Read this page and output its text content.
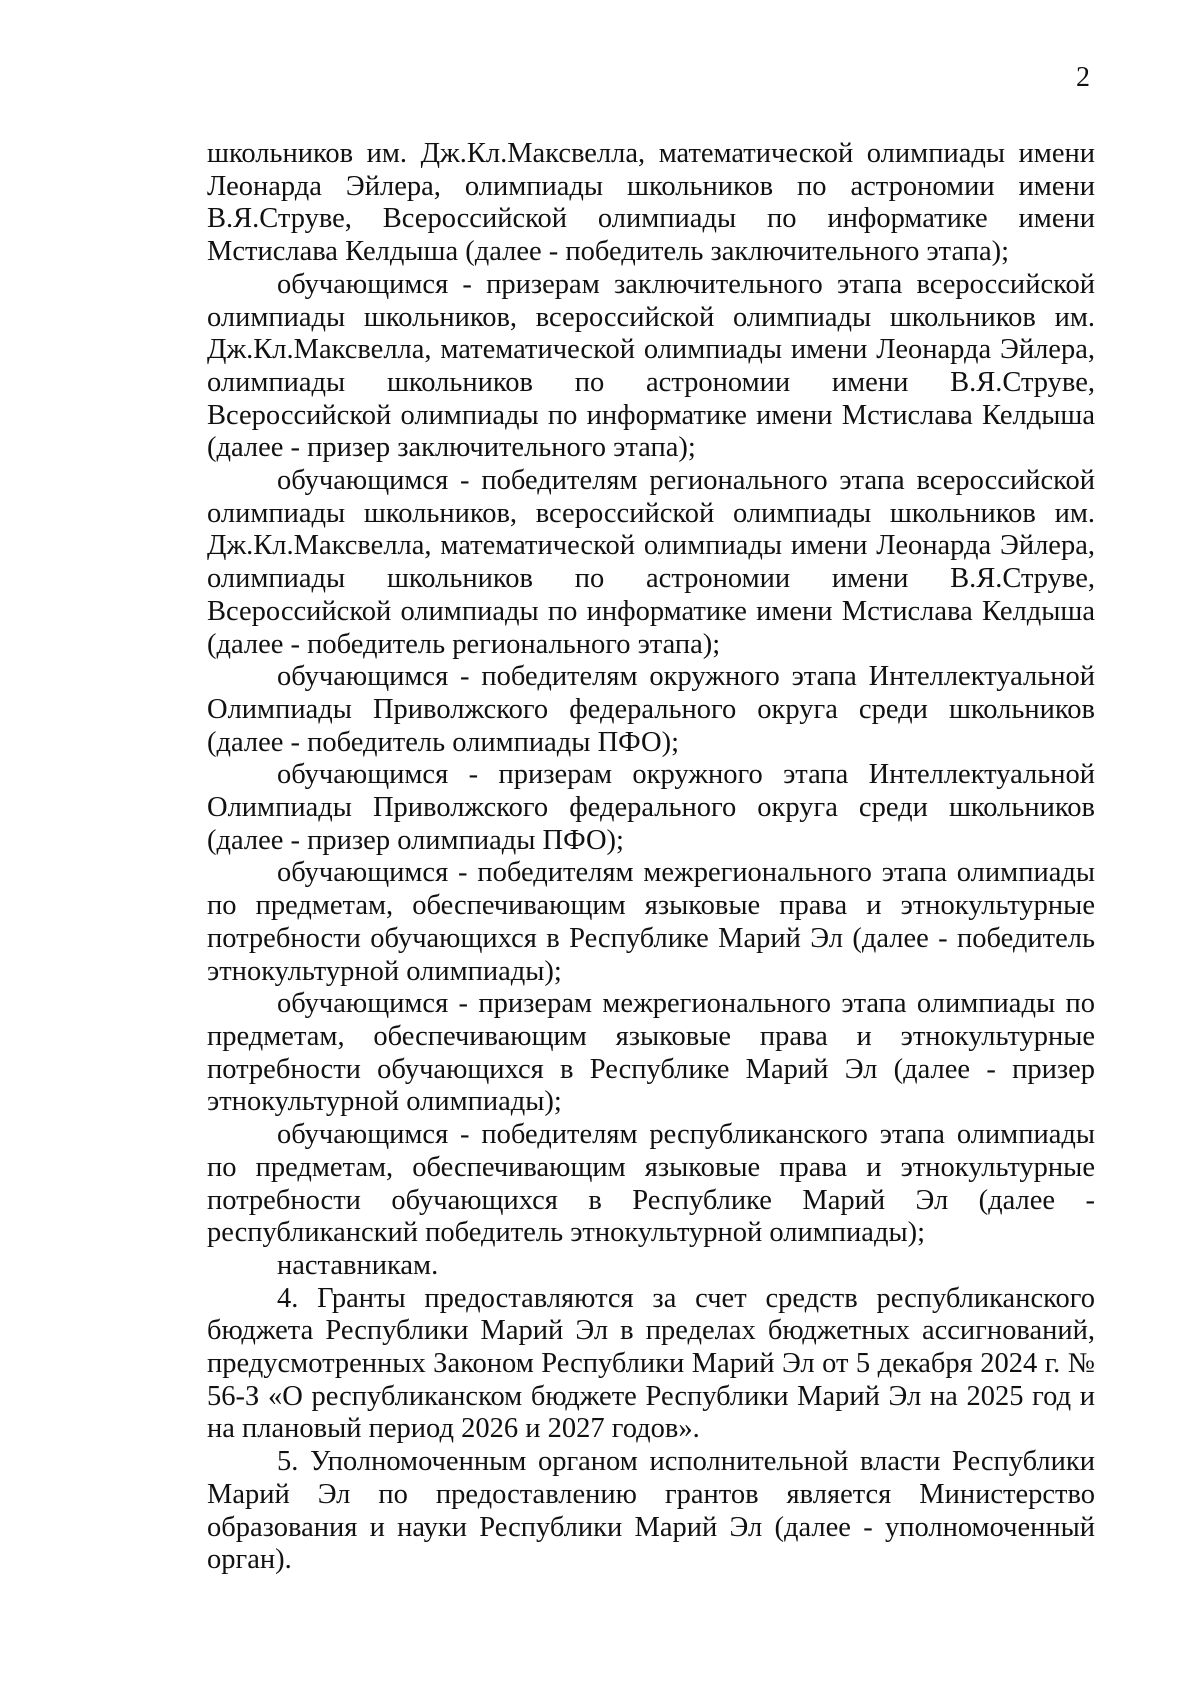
2

школьников им. Дж.Кл.Максвелла, математической олимпиады имени Леонарда Эйлера, олимпиады школьников по астрономии имени В.Я.Струве, Всероссийской олимпиады по информатике имени Мстислава Келдыша (далее - победитель заключительного этапа);

обучающимся - призерам заключительного этапа всероссийской олимпиады школьников, всероссийской олимпиады школьников им. Дж.Кл.Максвелла, математической олимпиады имени Леонарда Эйлера, олимпиады школьников по астрономии имени В.Я.Струве, Всероссийской олимпиады по информатике имени Мстислава Келдыша (далее - призер заключительного этапа);

обучающимся - победителям регионального этапа всероссийской олимпиады школьников, всероссийской олимпиады школьников им. Дж.Кл.Максвелла, математической олимпиады имени Леонарда Эйлера, олимпиады школьников по астрономии имени В.Я.Струве, Всероссийской олимпиады по информатике имени Мстислава Келдыша (далее - победитель регионального этапа);

обучающимся - победителям окружного этапа Интеллектуальной Олимпиады Приволжского федерального округа среди школьников (далее - победитель олимпиады ПФО);

обучающимся - призерам окружного этапа Интеллектуальной Олимпиады Приволжского федерального округа среди школьников (далее - призер олимпиады ПФО);

обучающимся - победителям межрегионального этапа олимпиады по предметам, обеспечивающим языковые права и этнокультурные потребности обучающихся в Республике Марий Эл (далее - победитель этнокультурной олимпиады);

обучающимся - призерам межрегионального этапа олимпиады по предметам, обеспечивающим языковые права и этнокультурные потребности обучающихся в Республике Марий Эл (далее - призер этнокультурной олимпиады);

обучающимся - победителям республиканского этапа олимпиады по предметам, обеспечивающим языковые права и этнокультурные потребности обучающихся в Республике Марий Эл (далее - республиканский победитель этнокультурной олимпиады);

наставникам.

4. Гранты предоставляются за счет средств республиканского бюджета Республики Марий Эл в пределах бюджетных ассигнований, предусмотренных Законом Республики Марий Эл от 5 декабря 2024 г. № 56-З «О республиканском бюджете Республики Марий Эл на 2025 год и на плановый период 2026 и 2027 годов».

5. Уполномоченным органом исполнительной власти Республики Марий Эл по предоставлению грантов является Министерство образования и науки Республики Марий Эл (далее - уполномоченный орган).
